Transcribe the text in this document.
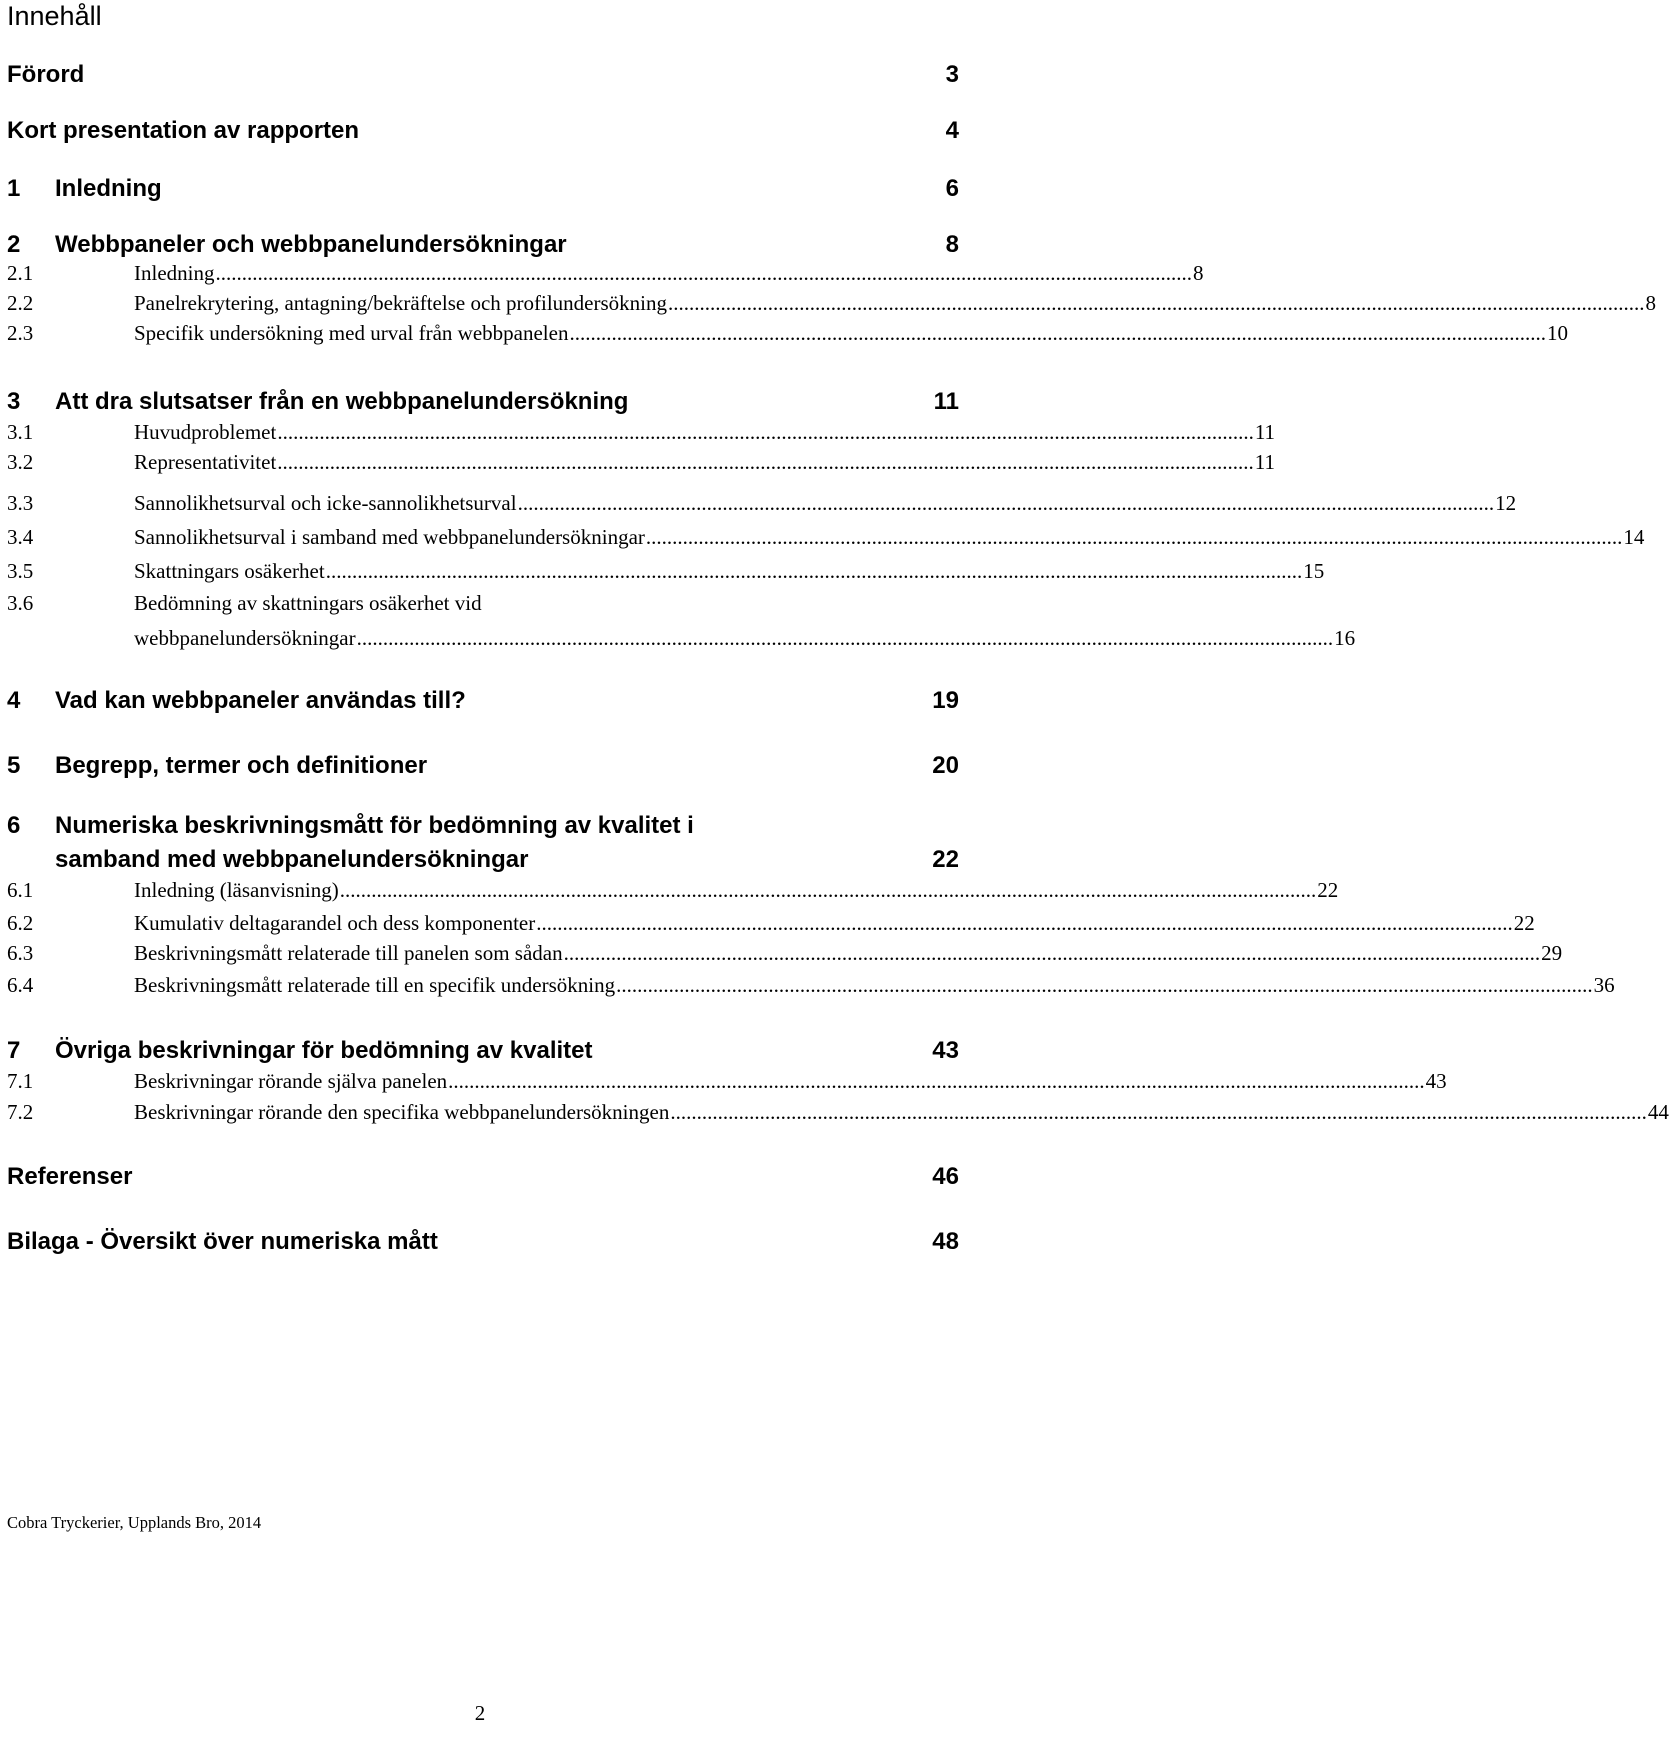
Innehåll
Förord	3
Kort presentation av rapporten	4
1	Inledning	6
2	Webbpaneler och webbpanelundersökningar	8
2.1	Inledning .......................................................................................................................................................................................... 8
2.2	Panelrekrytering, antagning/bekräftelse och profilundersökning .......................................................................................................................................................................................... 8
2.3	Specifik undersökning med urval från webbpanelen .......................................................................................................................................................................................... 10
3	Att dra slutsatser från en webbpanelundersökning	11
3.1	Huvudproblemet .......................................................................................................................................................................................... 11
3.2	Representativitet .......................................................................................................................................................................................... 11
3.3	Sannolikhetsurval och icke-sannolikhetsurval .......................................................................................................................................................................................... 12
3.4	Sannolikhetsurval i samband med webbpanelundersökningar .......................................................................................................................................................................................... 14
3.5	Skattningars osäkerhet .......................................................................................................................................................................................... 15
3.6	Bedömning av skattningars osäkerhet vid
webbpanelundersökningar .......................................................................................................................................................................................... 16
4	Vad kan webbpaneler användas till?	19
5	Begrepp, termer och definitioner	20
6 Numeriska beskrivningsmått för bedömning av kvalitet i
samband med webbpanelundersökningar	22
6.1	Inledning (läsanvisning) .......................................................................................................................................................................................... 22
6.2	Kumulativ deltagarandel och dess komponenter .......................................................................................................................................................................................... 22
6.3	Beskrivningsmått relaterade till panelen som sådan .......................................................................................................................................................................................... 29
6.4	Beskrivningsmått relaterade till en specifik undersökning .......................................................................................................................................................................................... 36
7	Övriga beskrivningar för bedömning av kvalitet	43
7.1	Beskrivningar rörande själva panelen .......................................................................................................................................................................................... 43
7.2	Beskrivningar rörande den specifika webbpanelundersökningen .......................................................................................................................................................................................... 44
Referenser	46
Bilaga - Översikt över numeriska mått	48
Cobra Tryckerier, Upplands Bro, 2014
2
